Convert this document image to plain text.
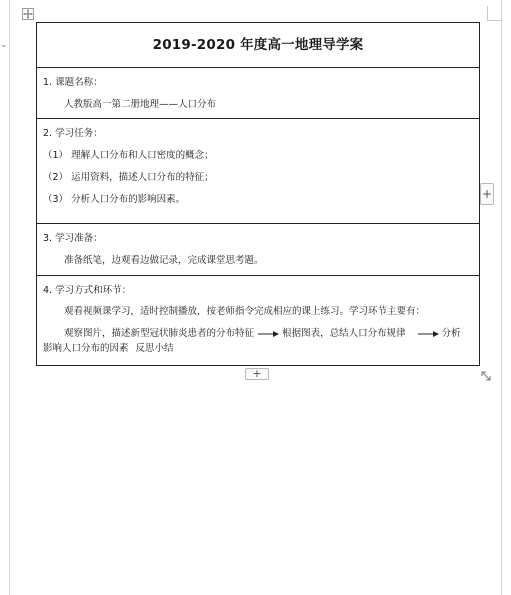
⌄	2019-2020 年度高一地理导学案

1. 课题名称：
人教版高一第二册地理——人口分布

2. 学习任务：
（1） 理解人口分布和人口密度的概念；
（2） 运用资料，描述人口分布的特征；
（3） 分析人口分布的影响因素。

3. 学习准备：
准备纸笔，边观看边做记录，完成课堂思考题。

4. 学习方式和环节：
观看视频课学习，适时控制播放，按老师指令完成相应的课上练习。学习环节主要有：
观察图片，描述新型冠状肺炎患者的分布特征	根据图表，总结人口分布规律	分析
影响人口分布的因素 反思小结
+
+
